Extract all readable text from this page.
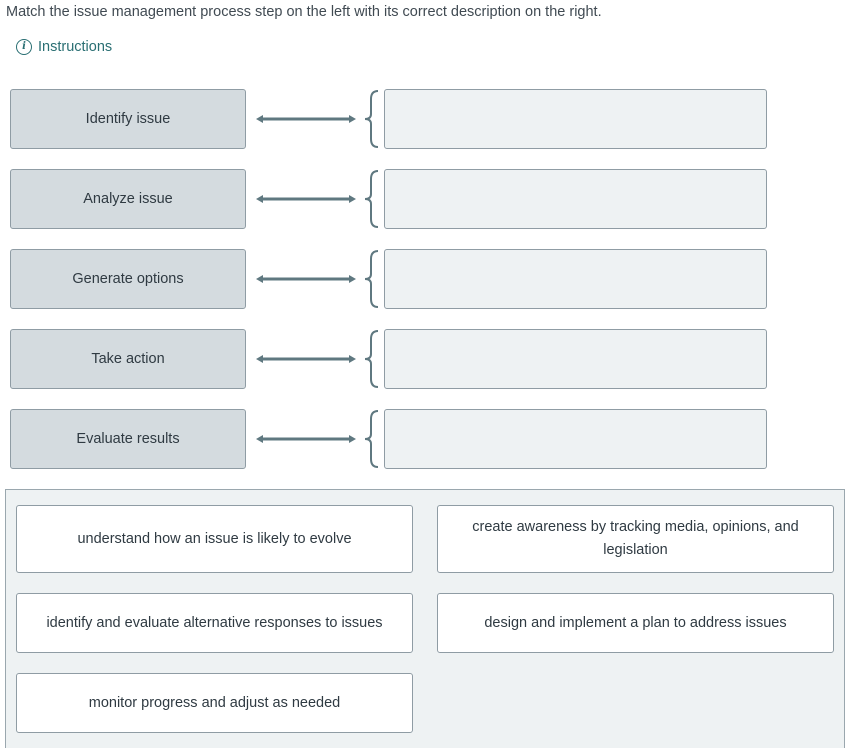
Match the issue management process step on the left with its correct description on the right.
i Instructions
Identify issue
Analyze issue
Generate options
Take action
Evaluate results
understand how an issue is likely to evolve
create awareness by tracking media, opinions, and legislation
identify and evaluate alternative responses to issues	design and implement a plan to address issues
monitor progress and adjust as needed
